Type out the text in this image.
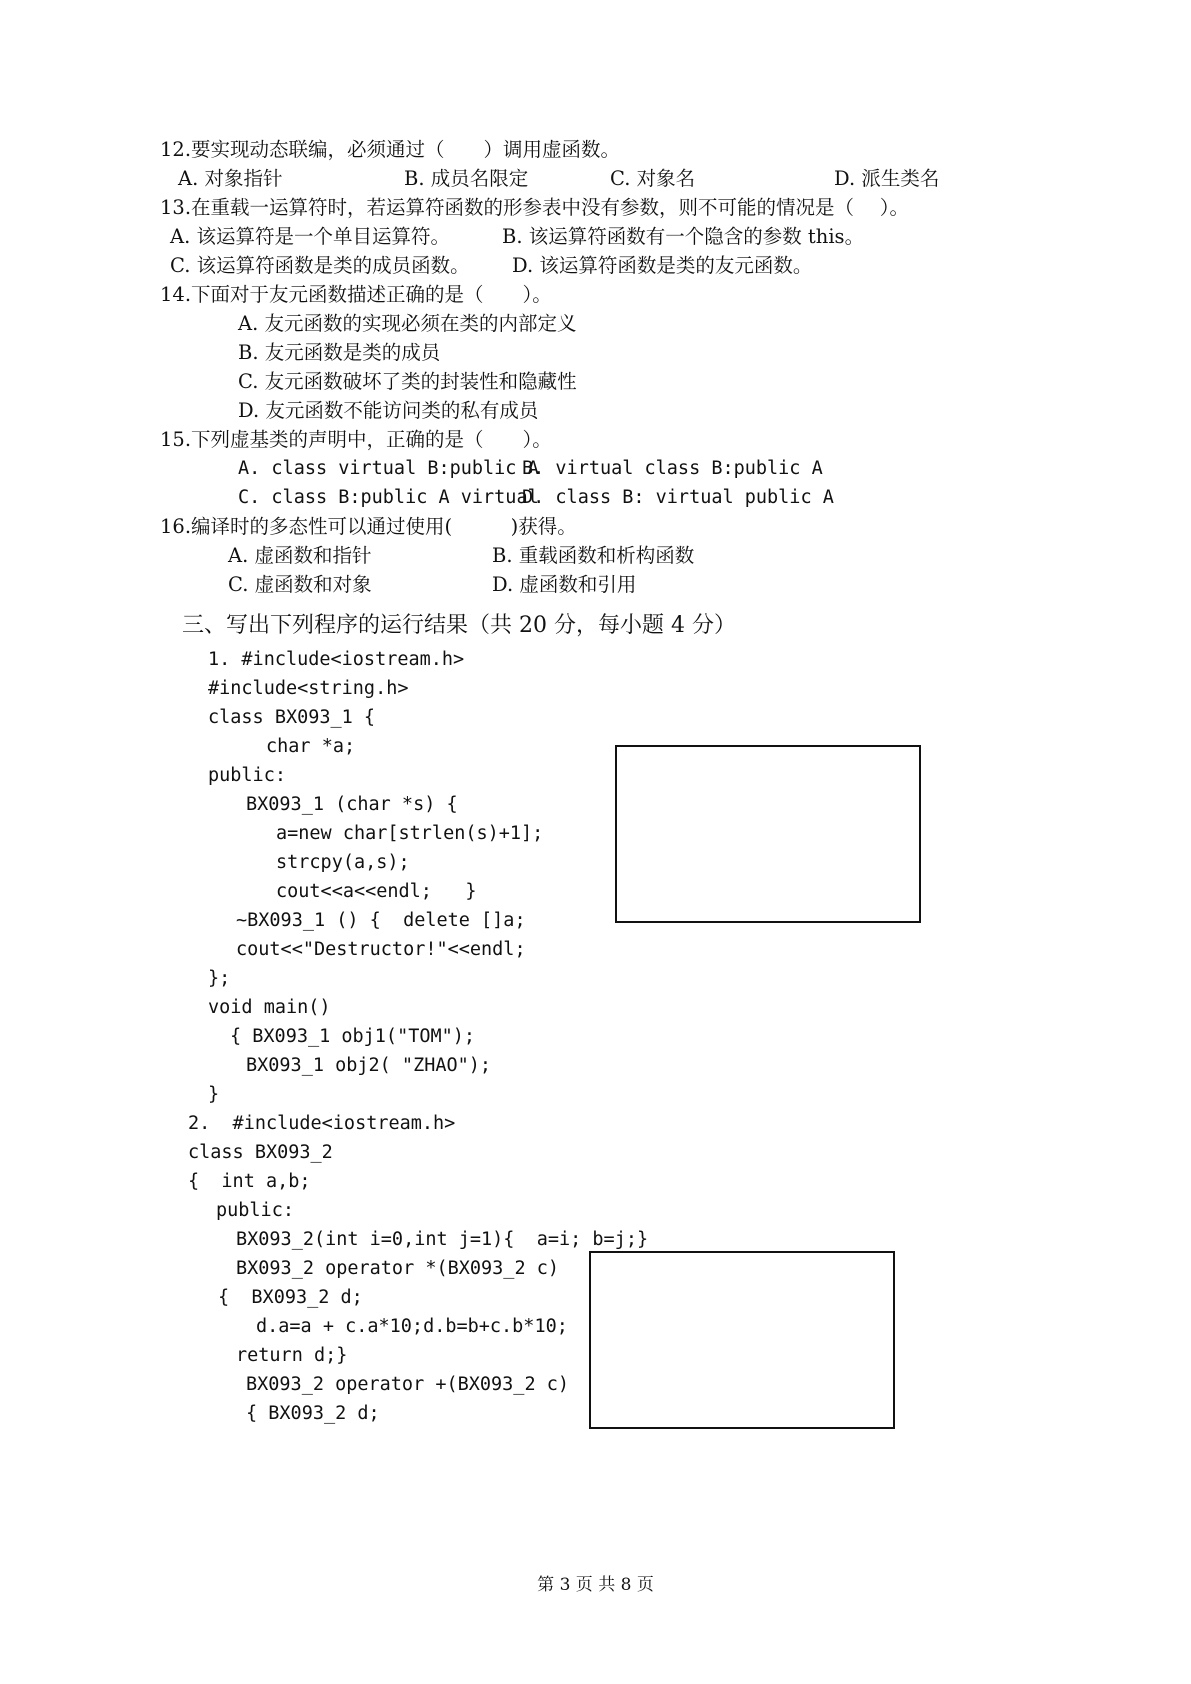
12.要实现动态联编，必须通过（　　）调用虚函数。
A. 对象指针	B. 成员名限定	C. 对象名	D. 派生类名
13.在重载一运算符时，若运算符函数的形参表中没有参数，则不可能的情况是（　 ）。
A. 该运算符是一个单目运算符。	B. 该运算符函数有一个隐含的参数 this。
C. 该运算符函数是类的成员函数。 D. 该运算符函数是类的友元函数。
14.下面对于友元函数描述正确的是（　　）。
A. 友元函数的实现必须在类的内部定义
B. 友元函数是类的成员
C. 友元函数破坏了类的封装性和隐藏性
D. 友元函数不能访问类的私有成员
15.下列虚基类的声明中，正确的是（　　）。
A. class virtual B:public A
B. virtual class B:public A
C. class B:public A virtual
D. class B: virtual public A
16.编译时的多态性可以通过使用(　　　)获得。
A. 虚函数和指针	B. 重载函数和析构函数
C. 虚函数和对象	D. 虚函数和引用
三、写出下列程序的运行结果（共 20 分，每小题 4 分）
1. #include<iostream.h>
#include<string.h>
class BX093_1 {
char *a;
public:
BX093_1 (char *s) {
a=new char[strlen(s)+1];
strcpy(a,s);
cout<<a<<endl;   }
~BX093_1 () {  delete []a;
cout<<"Destructor!"<<endl;
};
void main()
{ BX093_1 obj1("TOM");
BX093_1 obj2( "ZHAO");
}
2.  #include<iostream.h>
class BX093_2
{  int a,b;
public:
BX093_2(int i=0,int j=1){  a=i; b=j;}
BX093_2 operator *(BX093_2 c)
{  BX093_2 d;
d.a=a + c.a*10;d.b=b+c.b*10;
return d;}
BX093_2 operator +(BX093_2 c)
{ BX093_2 d;
第 3 页 共 8 页
